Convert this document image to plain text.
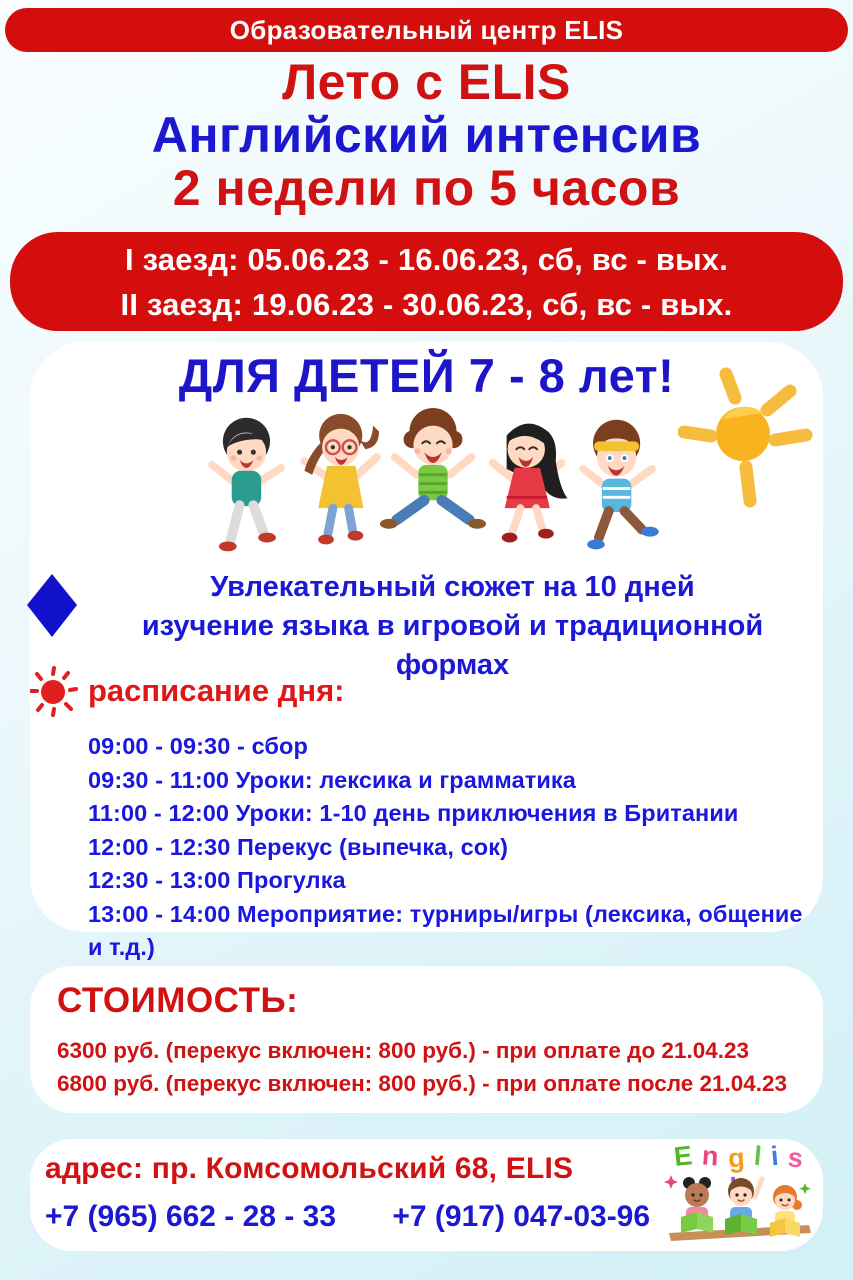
Образовательный центр ELIS
Лето с ELIS
Английский интенсив
2 недели по 5 часов
I заезд: 05.06.23 - 16.06.23, сб, вс - вых.
II заезд: 19.06.23 - 30.06.23, сб, вс - вых.
ДЛЯ ДЕТЕЙ 7 - 8 лет!
Увлекательный сюжет на 10 дней
изучение языка в игровой и традиционной формах
расписание дня:
09:00 - 09:30 - сбор
09:30 - 11:00 Уроки: лексика и грамматика
11:00 - 12:00 Уроки: 1-10 день приключения в Британии
12:00 - 12:30 Перекус (выпечка, сок)
12:30 - 13:00 Прогулка
13:00 - 14:00 Мероприятие: турниры/игры (лексика, общение и т.д.)
СТОИМОСТЬ:
6300 руб. (перекус включен: 800 руб.) - при оплате до 21.04.23
6800 руб. (перекус включен: 800 руб.) - при оплате после 21.04.23
адрес: пр. Комсомольский 68, ELIS
+7 (965) 662 - 28 - 33 +7 (917) 047-03-96
E n g l i s
